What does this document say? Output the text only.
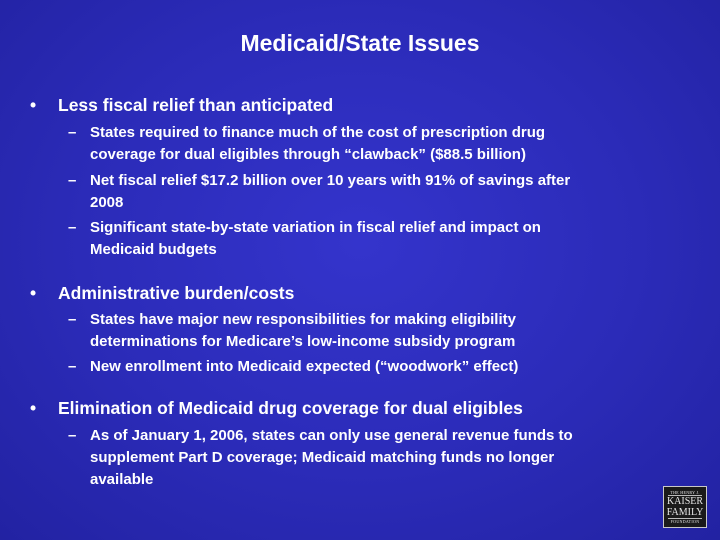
Medicaid/State Issues
• Less fiscal relief than anticipated
– States required to finance much of the cost of prescription drug
coverage for dual eligibles through “clawback” ($88.5 billion)
– Net fiscal relief $17.2 billion over 10 years with 91% of savings after
2008
– Significant state-by-state variation in fiscal relief and impact on
Medicaid budgets
• Administrative burden/costs
– States have major new responsibilities for making eligibility
determinations for Medicare’s low-income subsidy program
– New enrollment into Medicaid expected (“woodwork” effect)
• Elimination of Medicaid drug coverage for dual eligibles
– As of January 1, 2006, states can only use general revenue funds to
supplement Part D coverage; Medicaid matching funds no longer
available
THE HENRY J.
KAISER
FAMILY
FOUNDATION
